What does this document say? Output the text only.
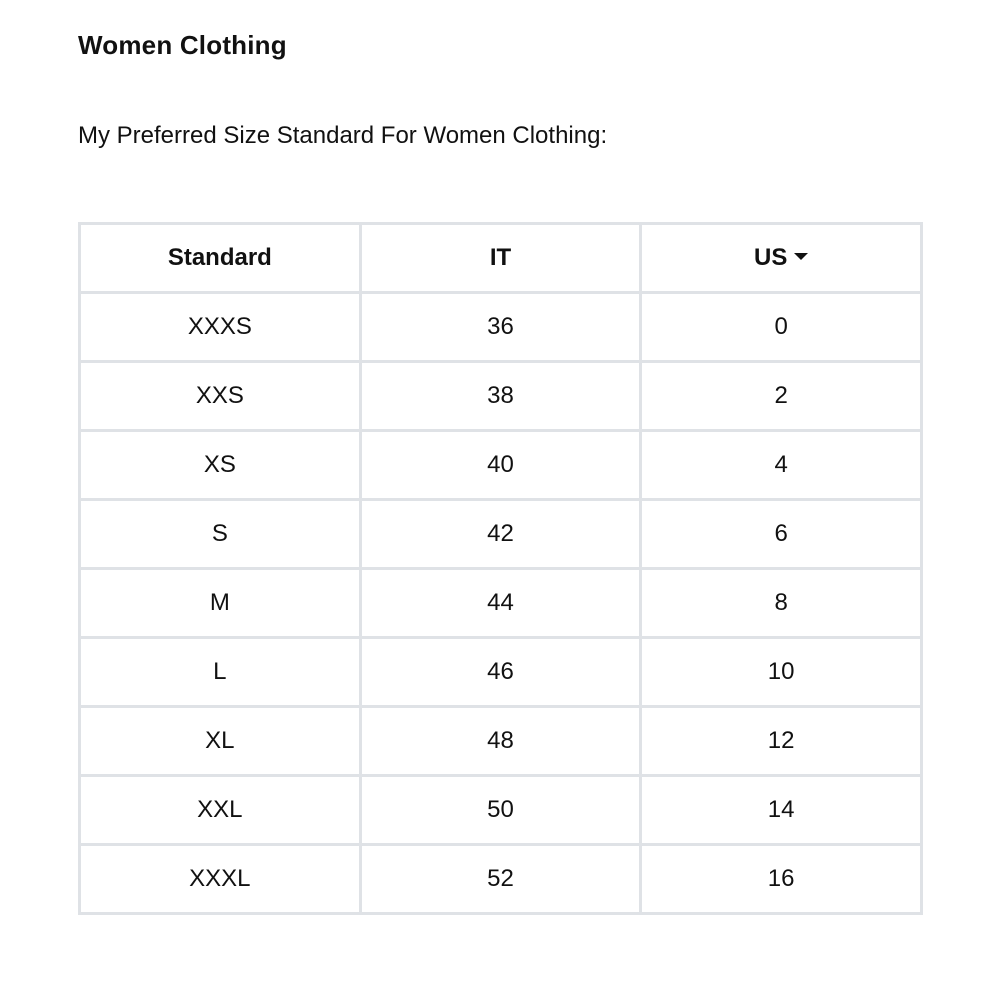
Women Clothing
My Preferred Size Standard For Women Clothing:
Standard	IT	US

XXXS	36	0
XXS	38	2
XS	40	4
S	42	6
M	44	8
L	46	10
XL	48	12
XXL	50	14
XXXL	52	16
